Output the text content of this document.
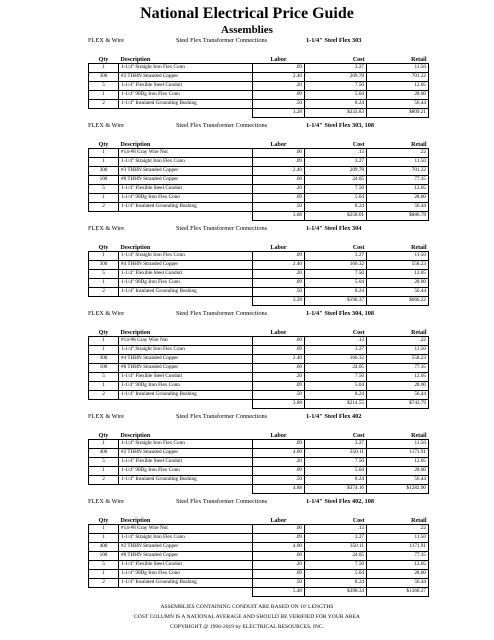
National Electrical Price Guide
Assemblies
FLEX & Wire	Steel Flex Transformer Connections	1-1/4" Steel Flex 303
Qty	Description	Labor	Cost	Retail
1	1-1/4" Straight Iron Flex Conn	.09	3.27	11.50
300	#3 THHN Stranded Copper	2.40	209.78	701.22
5	1-1/4" Flexible Steel Conduit	.20	7.50	12.05
1	1-1/4" 90Dg Iron Flex Conn	.09	5.04	28.00
2	1-1/4" Insulated Grounding Bushing	.50	8.24	56.44
		3.28	$233.83	$809.21
FLEX & Wire	Steel Flex Transformer Connections	1-1/4" Steel Flex 303, 108
Qty	Description	Labor	Cost	Retail
1	#14-#8 Gray Wire Nut	.00	.13	.22
1	1-1/4" Straight Iron Flex Conn	.09	3.27	11.50
300	#3 THHN Stranded Copper	2.40	209.78	701.22
100	#8 THHN Stranded Copper	.60	24.05	77.35
5	1-1/4" Flexible Steel Conduit	.20	7.50	12.05
1	1-1/4" 90Dg Iron Flex Conn	.09	5.04	28.00
2	1-1/4" Insulated Grounding Bushing	.50	8.24	56.44
		3.88	$258.01	$886.78
FLEX & Wire	Steel Flex Transformer Connections	1-1/4" Steel Flex 304
Qty	Description	Labor	Cost	Retail
1	1-1/4" Straight Iron Flex Conn	.09	3.27	11.50
300	#4 THHN Stranded Copper	2.40	166.32	558.23
5	1-1/4" Flexible Steel Conduit	.20	7.50	12.05
1	1-1/4" 90Dg Iron Flex Conn	.09	5.04	28.00
2	1-1/4" Insulated Grounding Bushing	.50	8.24	56.44
		3.28	$190.37	$666.22
FLEX & Wire	Steel Flex Transformer Connections	1-1/4" Steel Flex 304, 108
Qty	Description	Labor	Cost	Retail
1	#14-#8 Gray Wire Nut	.00	.13	.22
1	1-1/4" Straight Iron Flex Conn	.09	3.27	11.50
300	#4 THHN Stranded Copper	2.40	166.32	558.23
100	#8 THHN Stranded Copper	.60	24.05	77.35
5	1-1/4" Flexible Steel Conduit	.20	7.50	12.05
1	1-1/4" 90Dg Iron Flex Conn	.09	5.04	28.00
2	1-1/4" Insulated Grounding Bushing	.50	8.24	56.44
		3.88	$214.55	$743.79
FLEX & Wire	Steel Flex Transformer Connections	1-1/4" Steel Flex 402
Qty	Description	Labor	Cost	Retail
1	1-1/4" Straight Iron Flex Conn	.09	3.27	11.50
400	#2 THHN Stranded Copper	4.00	350.11	1171.91
5	1-1/4" Flexible Steel Conduit	.20	7.50	12.05
1	1-1/4" 90Dg Iron Flex Conn	.09	5.04	28.00
2	1-1/4" Insulated Grounding Bushing	.50	8.24	56.44
		4.88	$374.16	$1282.90
FLEX & Wire	Steel Flex Transformer Connections	1-1/4" Steel Flex 402, 108
Qty	Description	Labor	Cost	Retail
1	#14-#8 Gray Wire Nut	.00	.13	.22
1	1-1/4" Straight Iron Flex Conn	.09	3.27	11.50
400	#2 THHN Stranded Copper	4.00	350.11	1171.91
100	#8 THHN Stranded Copper	.60	24.05	77.35
5	1-1/4" Flexible Steel Conduit	.20	7.50	12.05
1	1-1/4" 90Dg Iron Flex Conn	.09	5.04	28.00
2	1-1/4" Insulated Grounding Bushing	.50	8.24	56.44
		5.48	$398.34	$1360.27
ASSEMBLIES CONTAINING CONDUIT ARE BASED ON 10' LENGTHS
COST COLUMN IS A NATIONAL AVERAGE AND SHOULD BE VERIFIED FOR YOUR AREA
COPYRIGHT @ 1996-2019 by ELECTRICAL RESOURCES, INC.
